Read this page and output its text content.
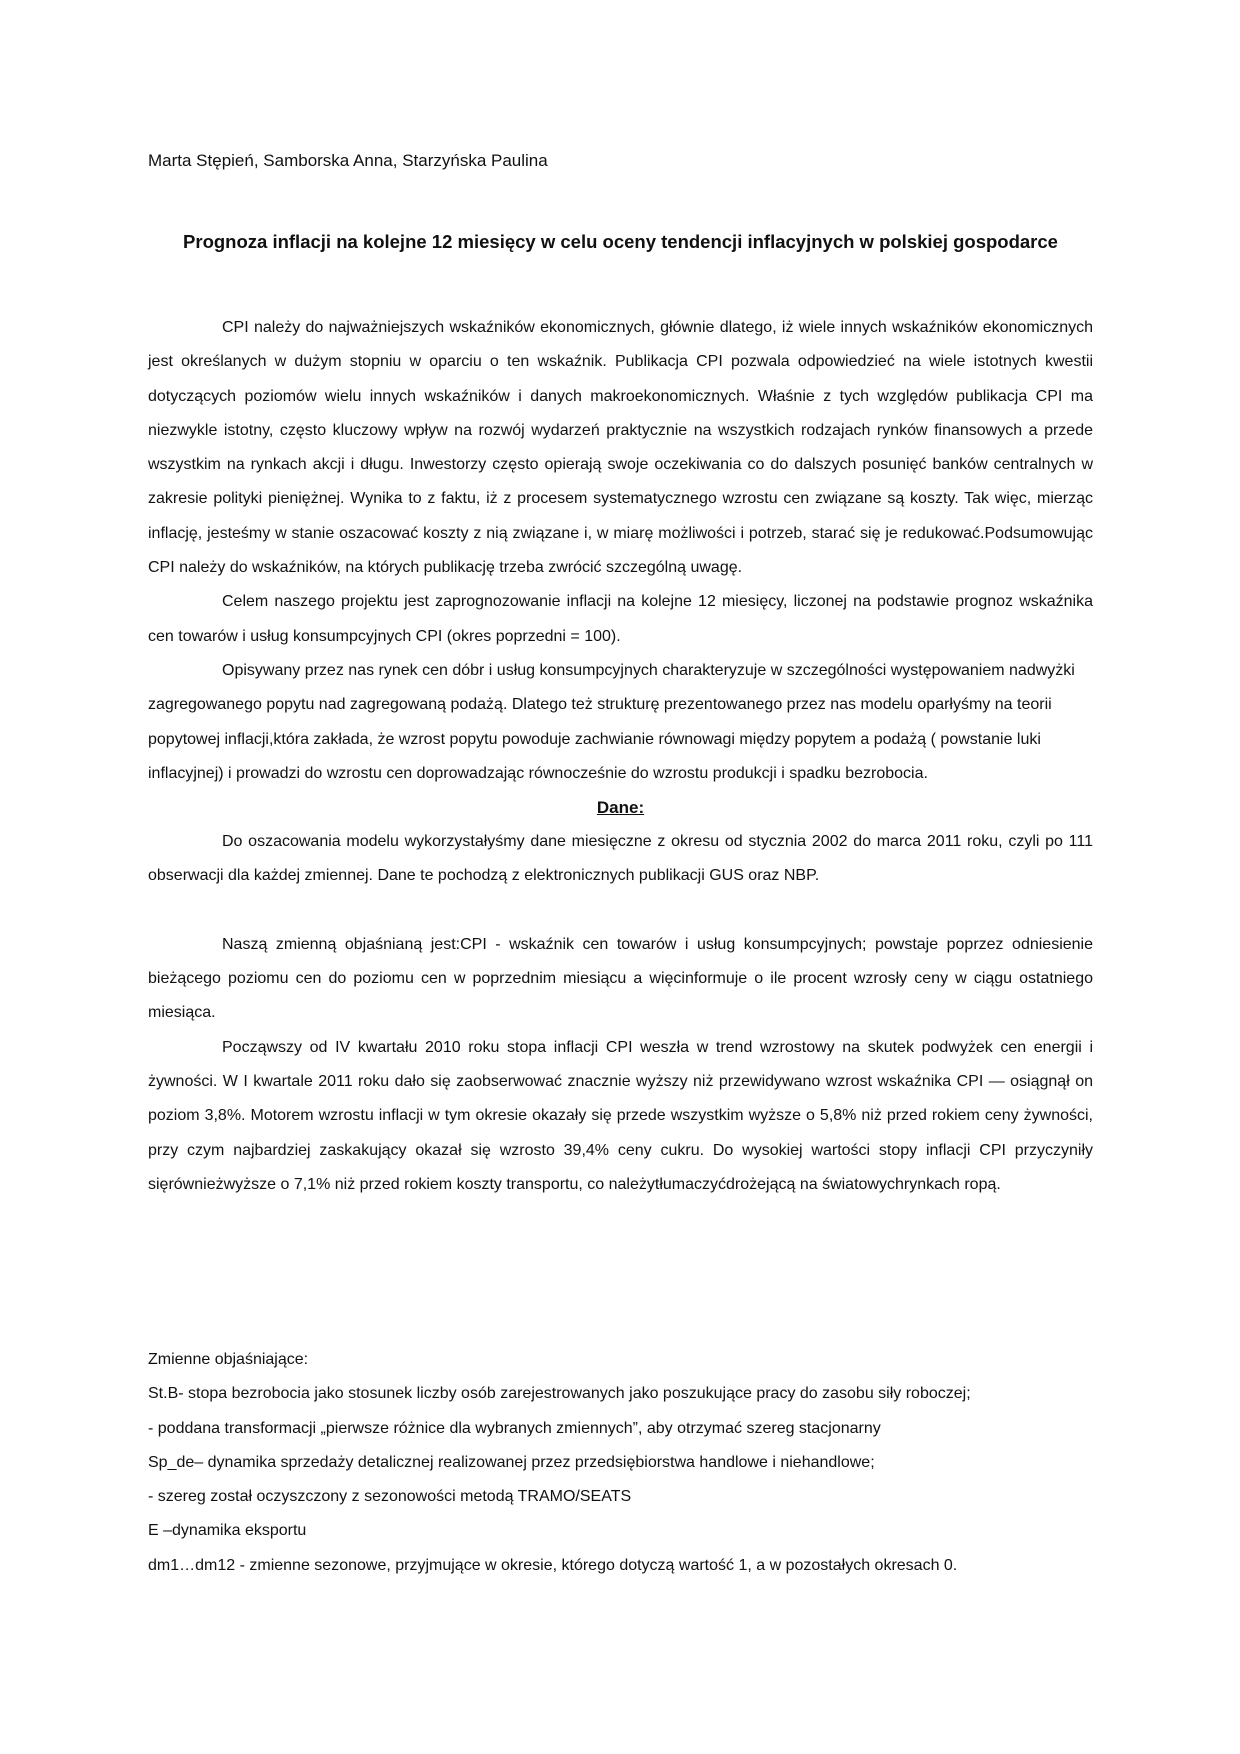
Marta Stępień, Samborska Anna, Starzyńska Paulina
Prognoza inflacji na kolejne 12 miesięcy w celu oceny tendencji inflacyjnych w polskiej gospodarce

CPI należy do najważniejszych wskaźników ekonomicznych, głównie dlatego, iż wiele innych wskaźników ekonomicznych jest określanych w dużym stopniu w oparciu o ten wskaźnik. Publikacja CPI pozwala odpowiedzieć na wiele istotnych kwestii dotyczących poziomów wielu innych wskaźników i danych makroekonomicznych. Właśnie z tych względów publikacja CPI ma niezwykle istotny, często kluczowy wpływ na rozwój wydarzeń praktycznie na wszystkich rodzajach rynków finansowych a przede wszystkim na rynkach akcji i długu. Inwestorzy często opierają swoje oczekiwania co do dalszych posunięć banków centralnych w zakresie polityki pieniężnej. Wynika to z faktu, iż z procesem systematycznego wzrostu cen związane są koszty. Tak więc, mierząc inflację, jesteśmy w stanie oszacować koszty z nią związane i, w miarę możliwości i potrzeb, starać się je redukować.Podsumowując CPI należy do wskaźników, na których publikację trzeba zwrócić szczególną uwagę.

Celem naszego projektu jest zaprognozowanie inflacji na kolejne 12 miesięcy, liczonej na podstawie prognoz wskaźnika cen towarów i usług konsumpcyjnych CPI (okres poprzedni = 100).

Opisywany przez nas rynek cen dóbr i usług konsumpcyjnych charakteryzuje w szczególności występowaniem nadwyżki zagregowanego popytu nad zagregowaną podażą. Dlatego też strukturę prezentowanego przez nas modelu oparłyśmy na teorii popytowej inflacji,która zakłada, że wzrost popytu powoduje zachwianie równowagi między popytem a podażą ( powstanie luki inflacyjnej) i prowadzi do wzrostu cen doprowadzając równocześnie do wzrostu produkcji i spadku bezrobocia.

Dane:

Do oszacowania modelu wykorzystałyśmy dane miesięczne z okresu od stycznia 2002 do marca 2011 roku, czyli po 111 obserwacji dla każdej zmiennej. Dane te pochodzą z elektronicznych publikacji GUS oraz NBP.

Naszą zmienną objaśnianą jest:CPI - wskaźnik cen towarów i usług konsumpcyjnych; powstaje poprzez odniesienie bieżącego poziomu cen do poziomu cen w poprzednim miesiącu a więcinformuje o ile procent wzrosły ceny w ciągu ostatniego miesiąca.

Począwszy od IV kwartału 2010 roku stopa inflacji CPI weszła w trend wzrostowy na skutek podwyżek cen energii i żywności. W I kwartale 2011 roku dało się zaobserwować znacznie wyższy niż przewidywano wzrost wskaźnika CPI — osiągnął on poziom 3,8%. Motorem wzrostu inflacji w tym okresie okazały się przede wszystkim wyższe o 5,8% niż przed rokiem ceny żywności, przy czym najbardziej zaskakujący okazał się wzrosto 39,4% ceny cukru. Do wysokiej wartości stopy inflacji CPI przyczyniły sięrównieżwyższe o 7,1% niż przed rokiem koszty transportu, co należytłumaczyćdrożejącą na światowychrynkach ropą.

Zmienne objaśniające:
St.B- stopa bezrobocia jako stosunek liczby osób zarejestrowanych jako poszukujące pracy do zasobu siły roboczej;
- poddana transformacji „pierwsze różnice dla wybranych zmiennych”, aby otrzymać szereg stacjonarny
Sp_de– dynamika sprzedaży detalicznej realizowanej przez przedsiębiorstwa handlowe i niehandlowe;
- szereg został oczyszczony z sezonowości metodą TRAMO/SEATS
E –dynamika eksportu
dm1…dm12 - zmienne sezonowe, przyjmujące w okresie, którego dotyczą wartość 1, a w pozostałych okresach 0.
